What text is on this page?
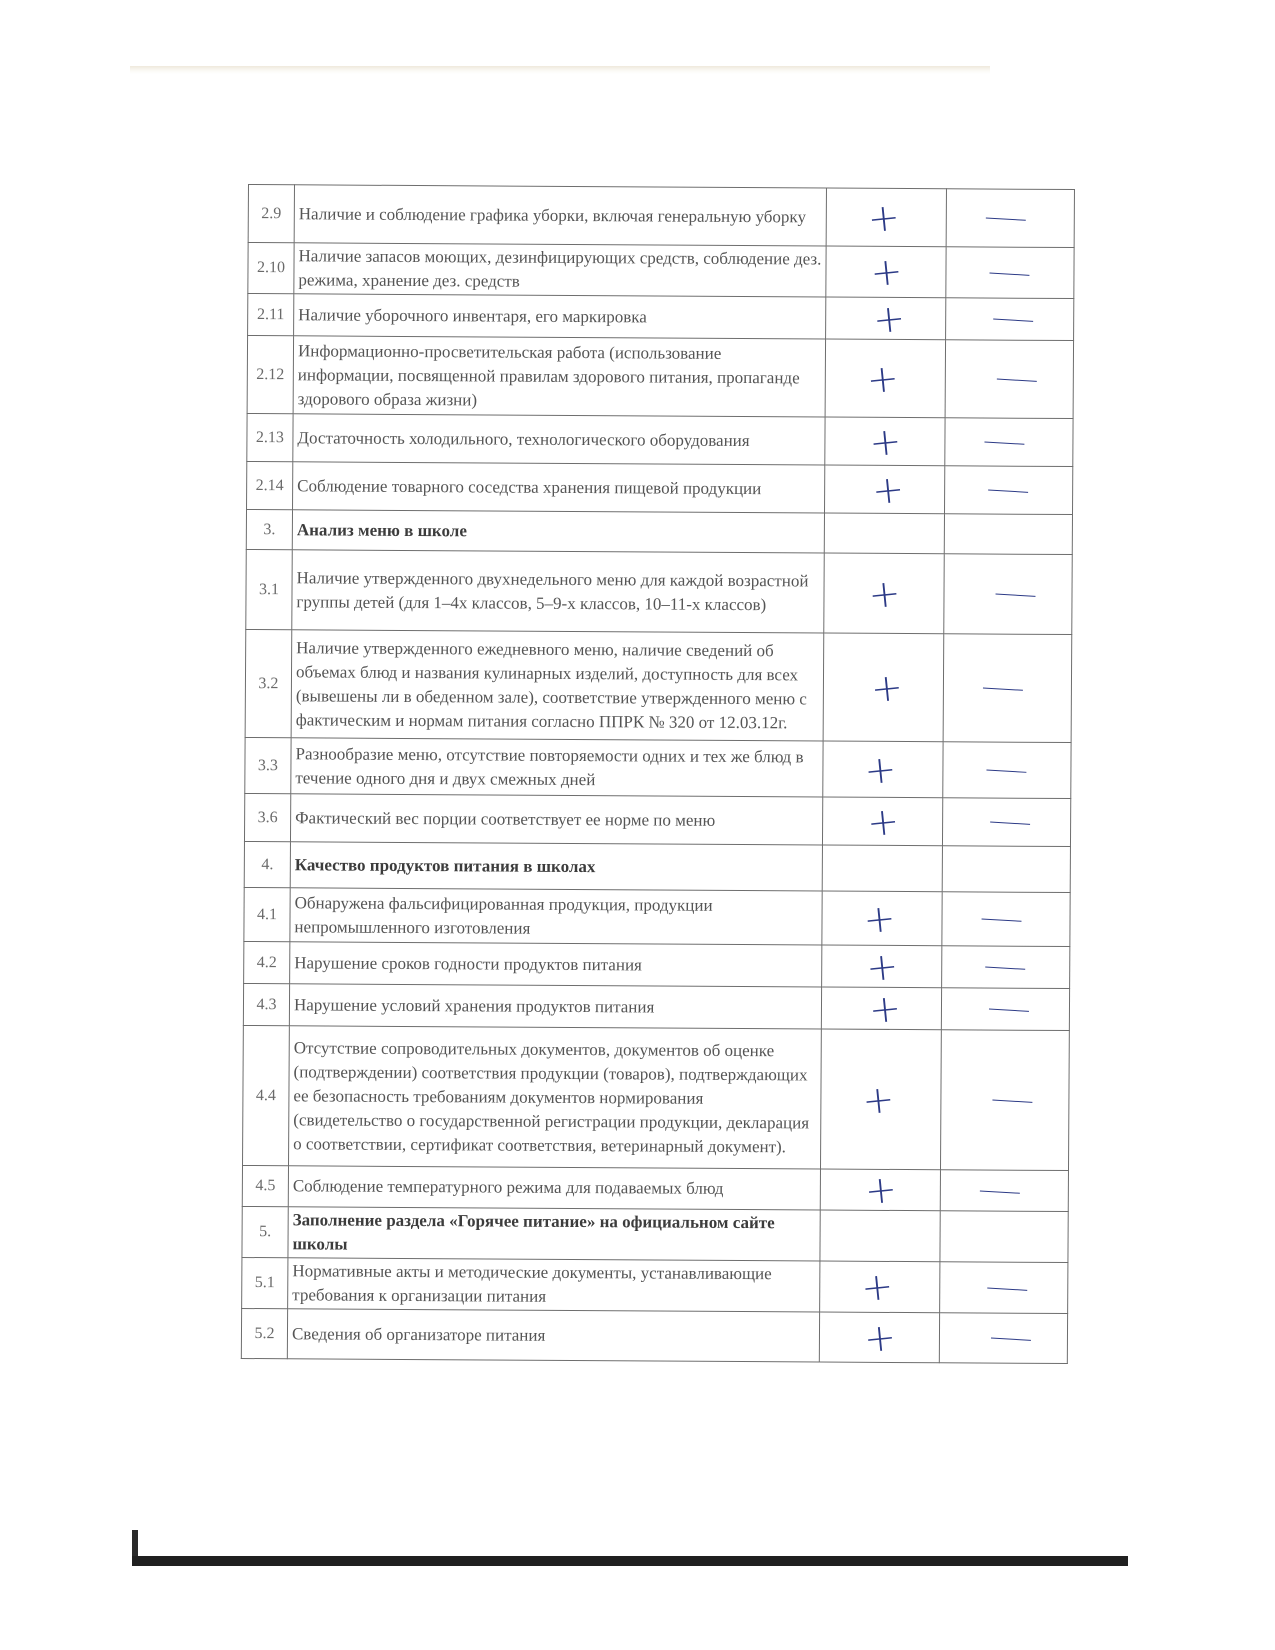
2.9	Наличие и соблюдение графика уборки, включая генеральную уборку	+	
2.10	Наличие запасов моющих, дезинфицирующих средств, соблюдение дез. режима, хранение дез. средств	+	
2.11	Наличие уборочного инвентаря, его маркировка	+	
2.12	Информационно-просветительская работа (использование информации, посвященной правилам здорового питания, пропаганде здорового образа жизни)	+	
2.13	Достаточность холодильного, технологического оборудования	+	
2.14	Соблюдение товарного соседства хранения пищевой продукции	+	
3.	Анализ меню в школе		
3.1	Наличие утвержденного двухнедельного меню для каждой возрастной группы детей (для 1–4х классов, 5–9-х классов, 10–11-х классов)	+	
3.2	Наличие утвержденного ежедневного меню, наличие сведений об объемах блюд и названия кулинарных изделий, доступность для всех (вывешены ли в обеденном зале), соответствие утвержденного меню с фактическим и нормам питания согласно ППРК № 320 от 12.03.12г.	+	
3.3	Разнообразие меню, отсутствие повторяемости одних и тех же блюд в течение одного дня и двух смежных дней	+	
3.6	Фактический вес порции соответствует ее норме по меню	+	
4.	Качество продуктов питания в школах		
4.1	Обнаружена фальсифицированная продукция, продукции непромышленного изготовления	+	
4.2	Нарушение сроков годности продуктов питания	+	
4.3	Нарушение условий хранения продуктов питания	+	
4.4	Отсутствие сопроводительных документов, документов об оценке (подтверждении) соответствия продукции (товаров), подтверждающих ее безопасность требованиям документов нормирования (свидетельство о государственной регистрации продукции, декларация о соответствии, сертификат соответствия, ветеринарный документ).	+	
4.5	Соблюдение температурного режима для подаваемых блюд	+	
5.	Заполнение раздела «Горячее питание» на официальном сайте школы		
5.1	Нормативные акты и методические документы, устанавливающие требования к организации питания	+	
5.2	Сведения об организаторе питания	+	
